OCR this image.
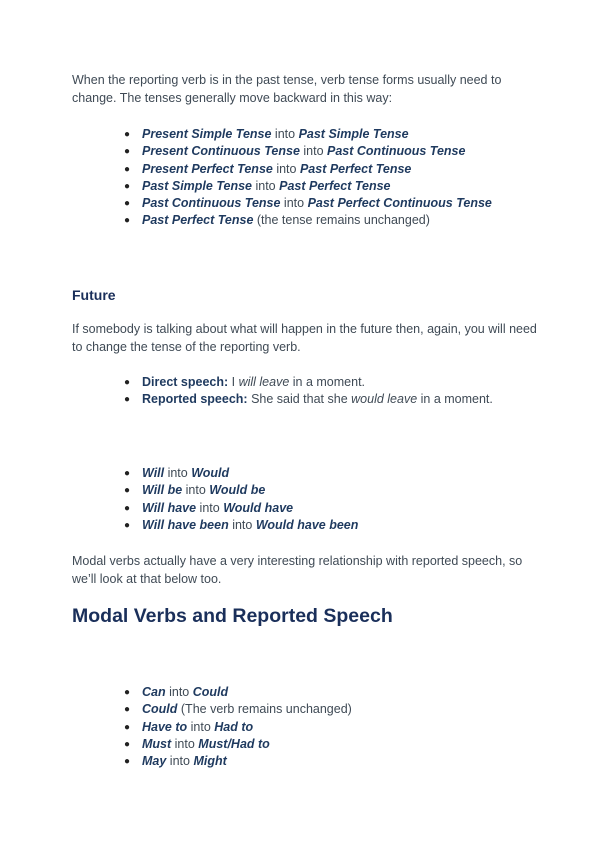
When the reporting verb is in the past tense, verb tense forms usually need to change. The tenses generally move backward in this way:

● Present Simple Tense into Past Simple Tense
● Present Continuous Tense into Past Continuous Tense
● Present Perfect Tense into Past Perfect Tense
● Past Simple Tense into Past Perfect Tense
● Past Continuous Tense into Past Perfect Continuous Tense
● Past Perfect Tense (the tense remains unchanged)
Future

If somebody is talking about what will happen in the future then, again, you will need to change the tense of the reporting verb.

● Direct speech: I will leave in a moment.
● Reported speech: She said that she would leave in a moment.
● Will into Would
● Will be into Would be
● Will have into Would have
● Will have been into Would have been

Modal verbs actually have a very interesting relationship with reported speech, so we’ll look at that below too.

Modal Verbs and Reported Speech
● Can into Could
● Could (The verb remains unchanged)
● Have to into Had to
● Must into Must/Had to
● May into Might
